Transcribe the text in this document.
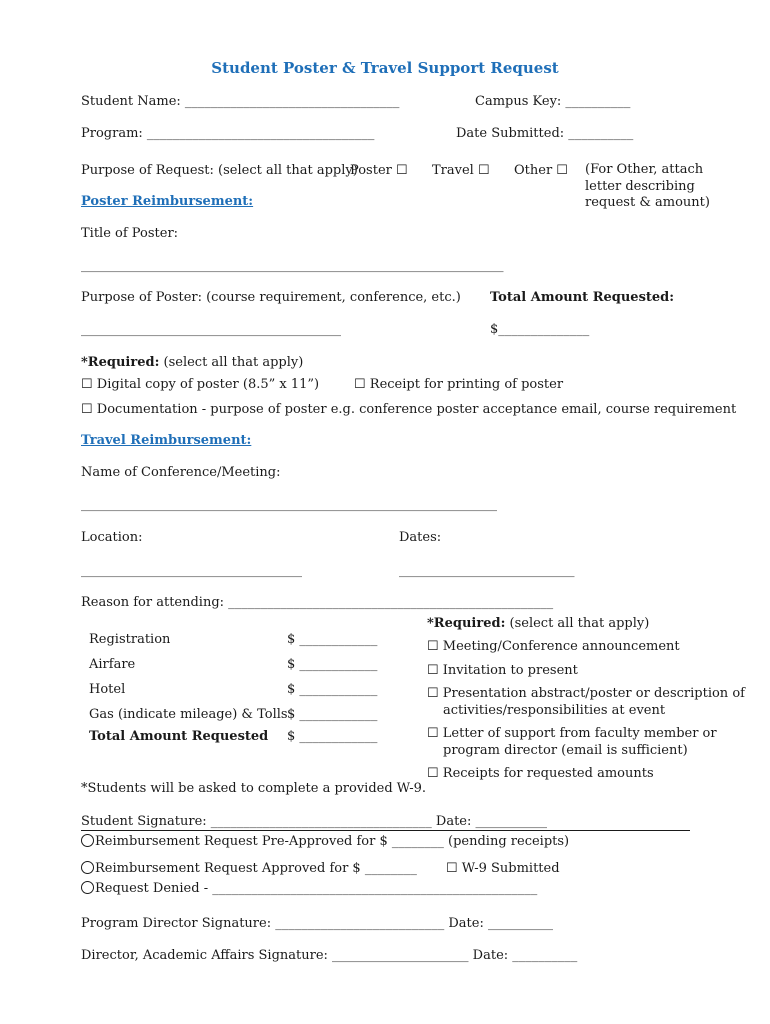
Student Poster & Travel Support Request
Student Name: _________________________________	Campus Key: __________
Program: ___________________________________	Date Submitted: __________
Purpose of Request: (select all that apply)
Poster ☐ Travel ☐ Other ☐ (For Other, attach
letter describing
request & amount)
Poster Reimbursement:
Title of Poster:
_________________________________________________________________
Purpose of Poster: (course requirement, conference, etc.) Total Amount Requested:
________________________________________	$______________
*Required: (select all that apply)
☐ Digital copy of poster (8.5” x 11”)	☐ Receipt for printing of poster
☐ Documentation - purpose of poster e.g. conference poster acceptance email, course requirement
Travel Reimbursement:
Name of Conference/Meeting:
________________________________________________________________
Location:	Dates:
__________________________________	___________________________
Reason for attending: __________________________________________________
Registration	$ ____________
Airfare	$ ____________
Hotel	$ ____________
Gas (indicate mileage) & Tolls $ ____________
Total Amount Requested $ ____________
*Required: (select all that apply)
☐ Meeting/Conference announcement
☐ Invitation to present
☐ Presentation abstract/poster or description of
activities/responsibilities at event
☐ Letter of support from faculty member or
program director (email is sufficient)
☐ Receipts for requested amounts
*Students will be asked to complete a provided W-9.
Student Signature: __________________________________ Date: ___________
Reimbursement Request Pre-Approved for $ ________ (pending receipts)
Reimbursement Request Approved for $ ________ ☐ W-9 Submitted
Request Denied - __________________________________________________
Program Director Signature: __________________________ Date: __________
Director, Academic Affairs Signature: _____________________ Date: __________
